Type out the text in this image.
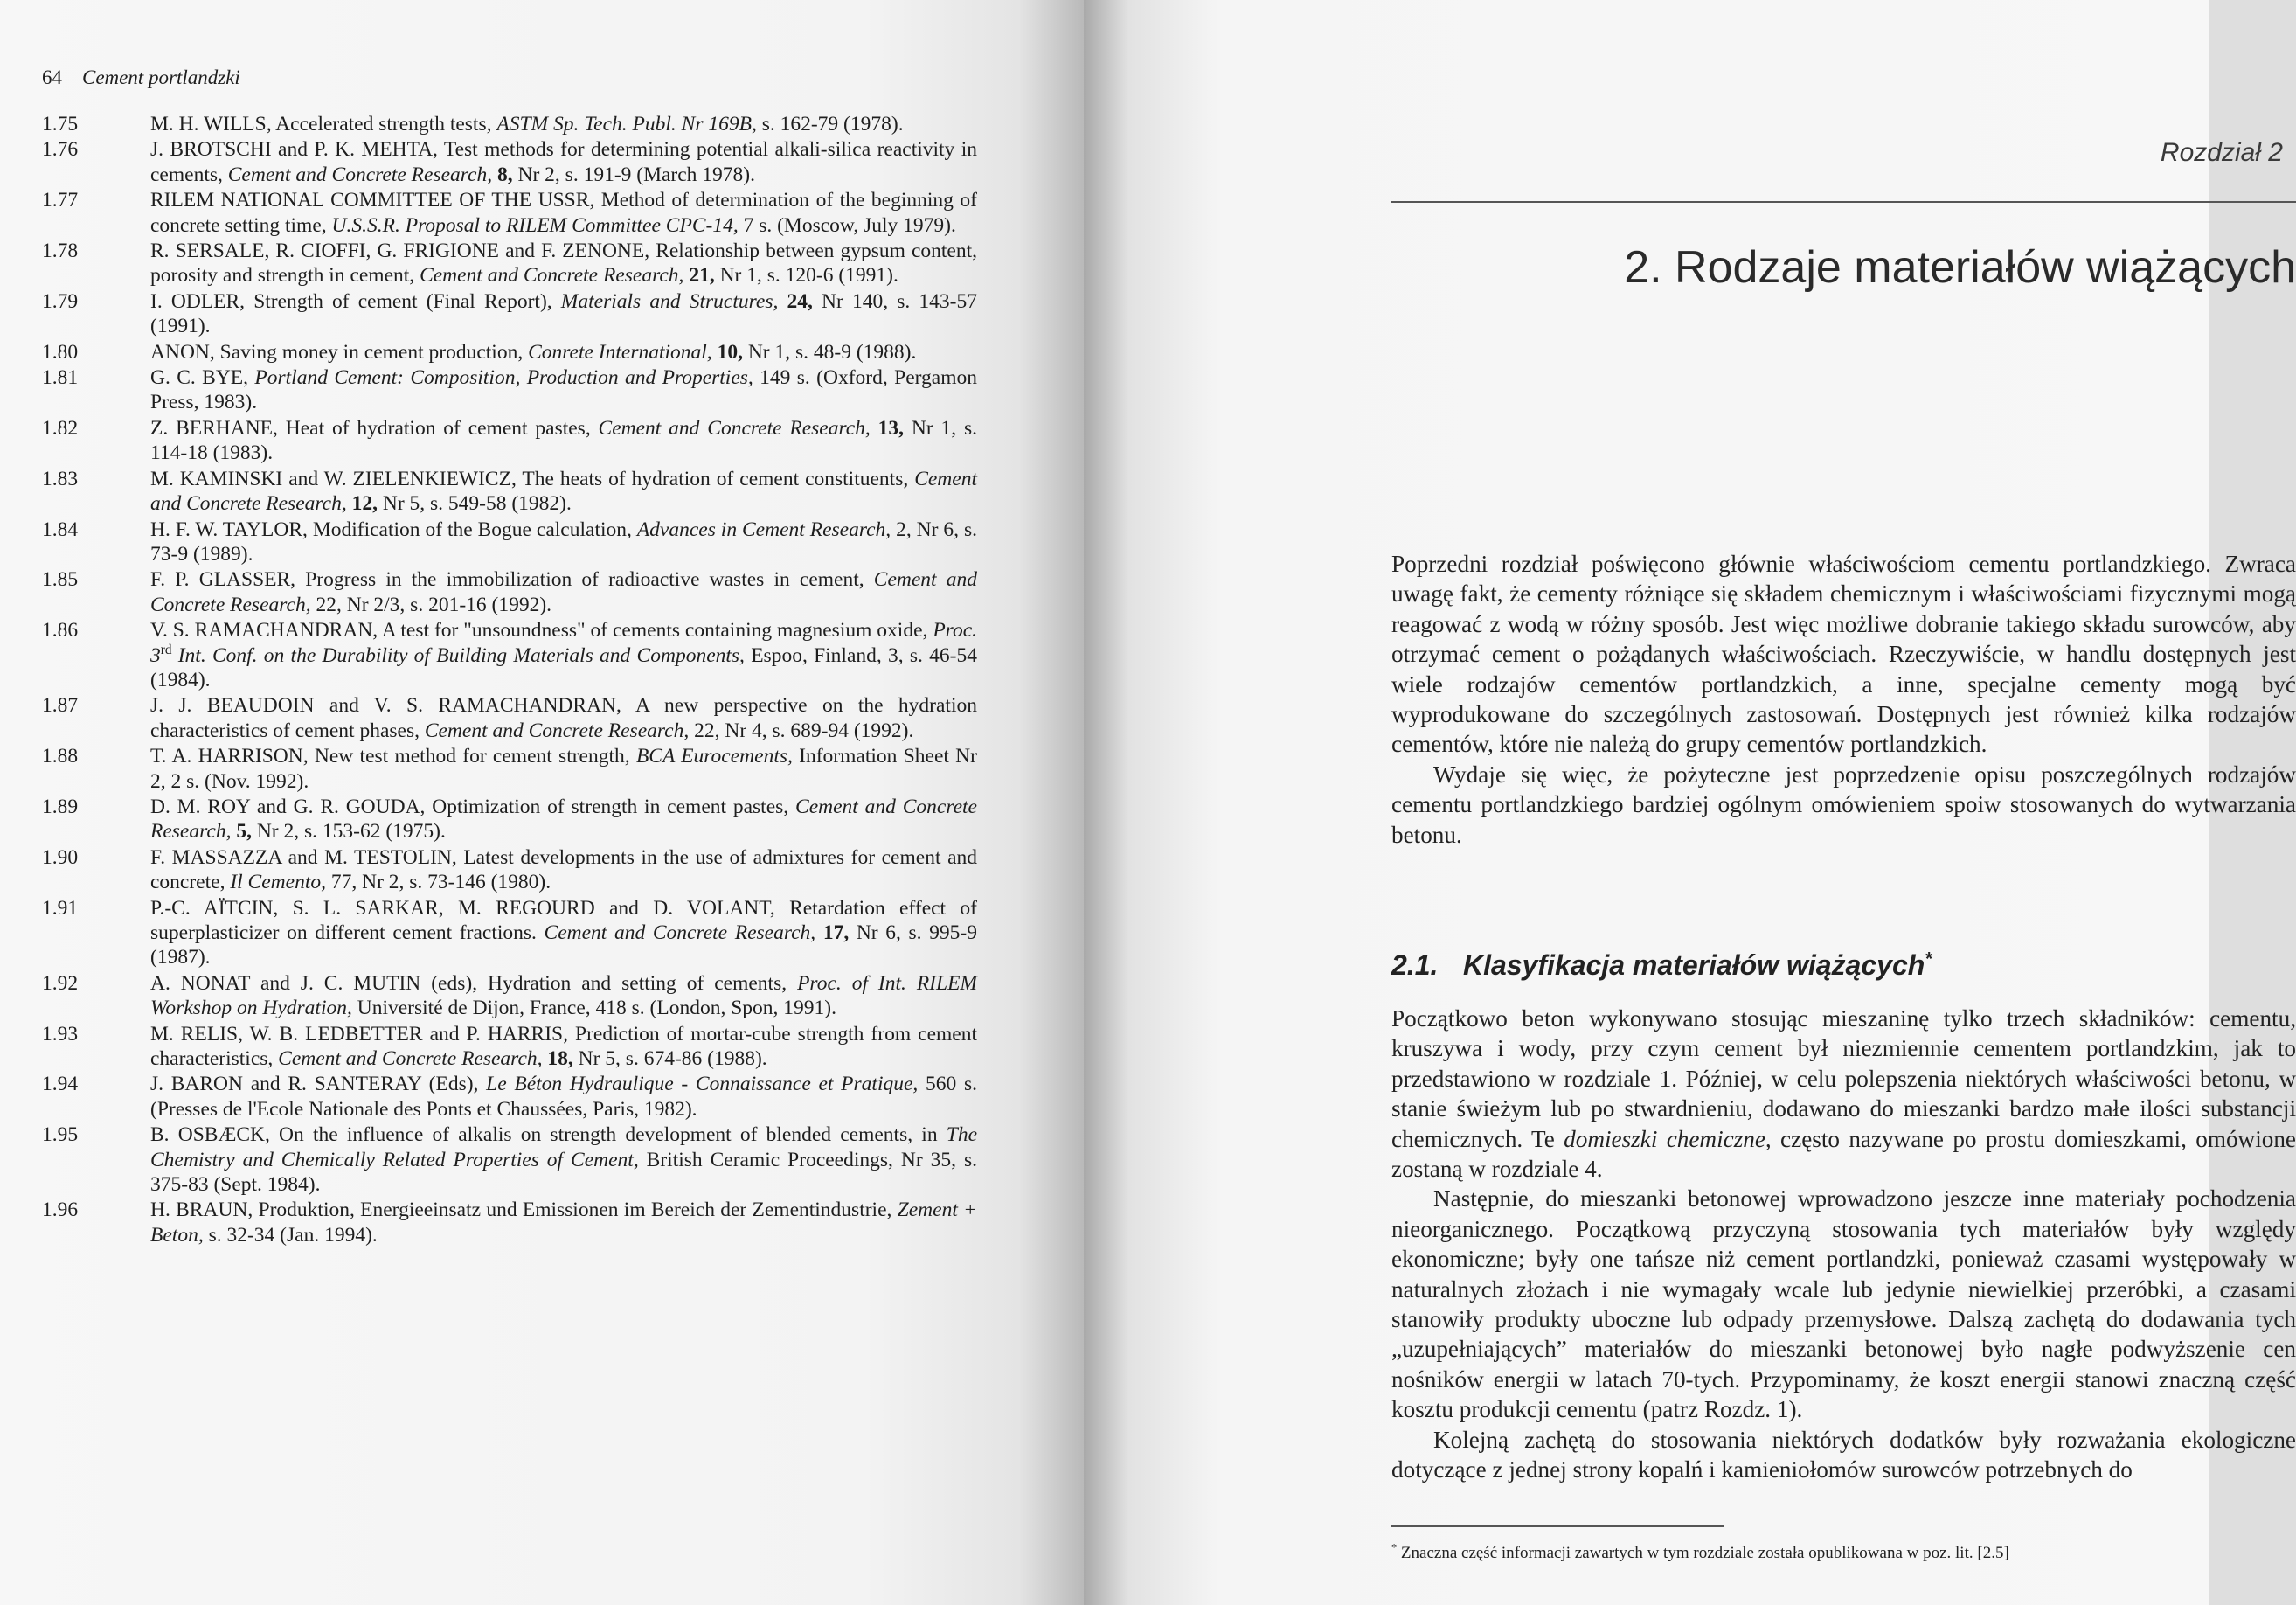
64 Cement portlandzki
1.75	M. H. WILLS, Accelerated strength tests, ASTM Sp. Tech. Publ. Nr 169B, s. 162-79 (1978).
1.76	J. BROTSCHI and P. K. MEHTA, Test methods for determining potential alkali-silica reactivity in cements, Cement and Concrete Research, 8, Nr 2, s. 191-9 (March 1978).
1.77	RILEM NATIONAL COMMITTEE OF THE USSR, Method of determination of the beginning of concrete setting time, U.S.S.R. Proposal to RILEM Committee CPC-14, 7 s. (Moscow, July 1979).
1.78	R. SERSALE, R. CIOFFI, G. FRIGIONE and F. ZENONE, Relationship between gypsum content, porosity and strength in cement, Cement and Concrete Research, 21, Nr 1, s. 120-6 (1991).
1.79	I. ODLER, Strength of cement (Final Report), Materials and Structures, 24, Nr 140, s. 143-57 (1991).
1.80	ANON, Saving money in cement production, Conrete International, 10, Nr 1, s. 48-9 (1988).
1.81	G. C. BYE, Portland Cement: Composition, Production and Properties, 149 s. (Oxford, Pergamon Press, 1983).
1.82	Z. BERHANE, Heat of hydration of cement pastes, Cement and Concrete Research, 13, Nr 1, s. 114-18 (1983).
1.83	M. KAMINSKI and W. ZIELENKIEWICZ, The heats of hydration of cement constituents, Cement and Concrete Research, 12, Nr 5, s. 549-58 (1982).
1.84	H. F. W. TAYLOR, Modification of the Bogue calculation, Advances in Cement Research, 2, Nr 6, s. 73-9 (1989).
1.85	F. P. GLASSER, Progress in the immobilization of radioactive wastes in cement, Cement and Concrete Research, 22, Nr 2/3, s. 201-16 (1992).
1.86	V. S. RAMACHANDRAN, A test for "unsoundness" of cements containing magnesium oxide, Proc. 3rd Int. Conf. on the Durability of Building Materials and Components, Espoo, Finland, 3, s. 46-54 (1984).
1.87	J. J. BEAUDOIN and V. S. RAMACHANDRAN, A new perspective on the hydration characteristics of cement phases, Cement and Concrete Research, 22, Nr 4, s. 689-94 (1992).
1.88	T. A. HARRISON, New test method for cement strength, BCA Eurocements, Information Sheet Nr 2, 2 s. (Nov. 1992).
1.89	D. M. ROY and G. R. GOUDA, Optimization of strength in cement pastes, Cement and Concrete Research, 5, Nr 2, s. 153-62 (1975).
1.90	F. MASSAZZA and M. TESTOLIN, Latest developments in the use of admixtures for cement and concrete, Il Cemento, 77, Nr 2, s. 73-146 (1980).
1.91	P.-C. AÏTCIN, S. L. SARKAR, M. REGOURD and D. VOLANT, Retardation effect of superplasticizer on different cement fractions. Cement and Concrete Research, 17, Nr 6, s. 995-9 (1987).
1.92	A. NONAT and J. C. MUTIN (eds), Hydration and setting of cements, Proc. of Int. RILEM Workshop on Hydration, Université de Dijon, France, 418 s. (London, Spon, 1991).
1.93	M. RELIS, W. B. LEDBETTER and P. HARRIS, Prediction of mortar-cube strength from cement characteristics, Cement and Concrete Research, 18, Nr 5, s. 674-86 (1988).
1.94	J. BARON and R. SANTERAY (Eds), Le Béton Hydraulique - Connaissance et Pratique, 560 s. (Presses de l'Ecole Nationale des Ponts et Chaussées, Paris, 1982).
1.95	B. OSBÆCK, On the influence of alkalis on strength development of blended cements, in The Chemistry and Chemically Related Properties of Cement, British Ceramic Proceedings, Nr 35, s. 375-83 (Sept. 1984).
1.96	H. BRAUN, Produktion, Energieeinsatz und Emissionen im Bereich der Zementindustrie, Zement + Beton, s. 32-34 (Jan. 1994).
Rozdział 2
2. Rodzaje materiałów wiążących

Poprzedni rozdział poświęcono głównie właściwościom cementu portlandzkiego. Zwraca uwagę fakt, że cementy różniące się składem chemicznym i właściwościami fizycznymi mogą reagować z wodą w różny sposób. Jest więc możliwe dobranie takiego składu surowców, aby otrzymać cement o pożądanych właściwościach. Rzeczywiście, w handlu dostępnych jest wiele rodzajów cementów portlandzkich, a inne, specjalne cementy mogą być wyprodukowane do szczególnych zastosowań. Dostępnych jest również kilka rodzajów cementów, które nie należą do grupy cementów portlandzkich.

Wydaje się więc, że pożyteczne jest poprzedzenie opisu poszczególnych rodzajów cementu portlandzkiego bardziej ogólnym omówieniem spoiw stosowanych do wytwarzania betonu.

2.1. Klasyfikacja materiałów wiążących*

Początkowo beton wykonywano stosując mieszaninę tylko trzech składników: cementu, kruszywa i wody, przy czym cement był niezmiennie cementem portlandzkim, jak to przedstawiono w rozdziale 1. Później, w celu polepszenia niektórych właściwości betonu, w stanie świeżym lub po stwardnieniu, dodawano do mieszanki bardzo małe ilości substancji chemicznych. Te domieszki chemiczne, często nazywane po prostu domieszkami, omówione zostaną w rozdziale 4.

Następnie, do mieszanki betonowej wprowadzono jeszcze inne materiały pochodzenia nieorganicznego. Początkową przyczyną stosowania tych materiałów były względy ekonomiczne; były one tańsze niż cement portlandzki, ponieważ czasami występowały w naturalnych złożach i nie wymagały wcale lub jedynie niewielkiej przeróbki, a czasami stanowiły produkty uboczne lub odpady przemysłowe. Dalszą zachętą do dodawania tych „uzupełniających” materiałów do mieszanki betonowej było nagłe podwyższenie cen nośników energii w latach 70-tych. Przypominamy, że koszt energii stanowi znaczną część kosztu produkcji cementu (patrz Rozdz. 1).

Kolejną zachętą do stosowania niektórych dodatków były rozważania ekologiczne dotyczące z jednej strony kopalń i kamieniołomów surowców potrzebnych do

* Znaczna część informacji zawartych w tym rozdziale została opublikowana w poz. lit. [2.5]
